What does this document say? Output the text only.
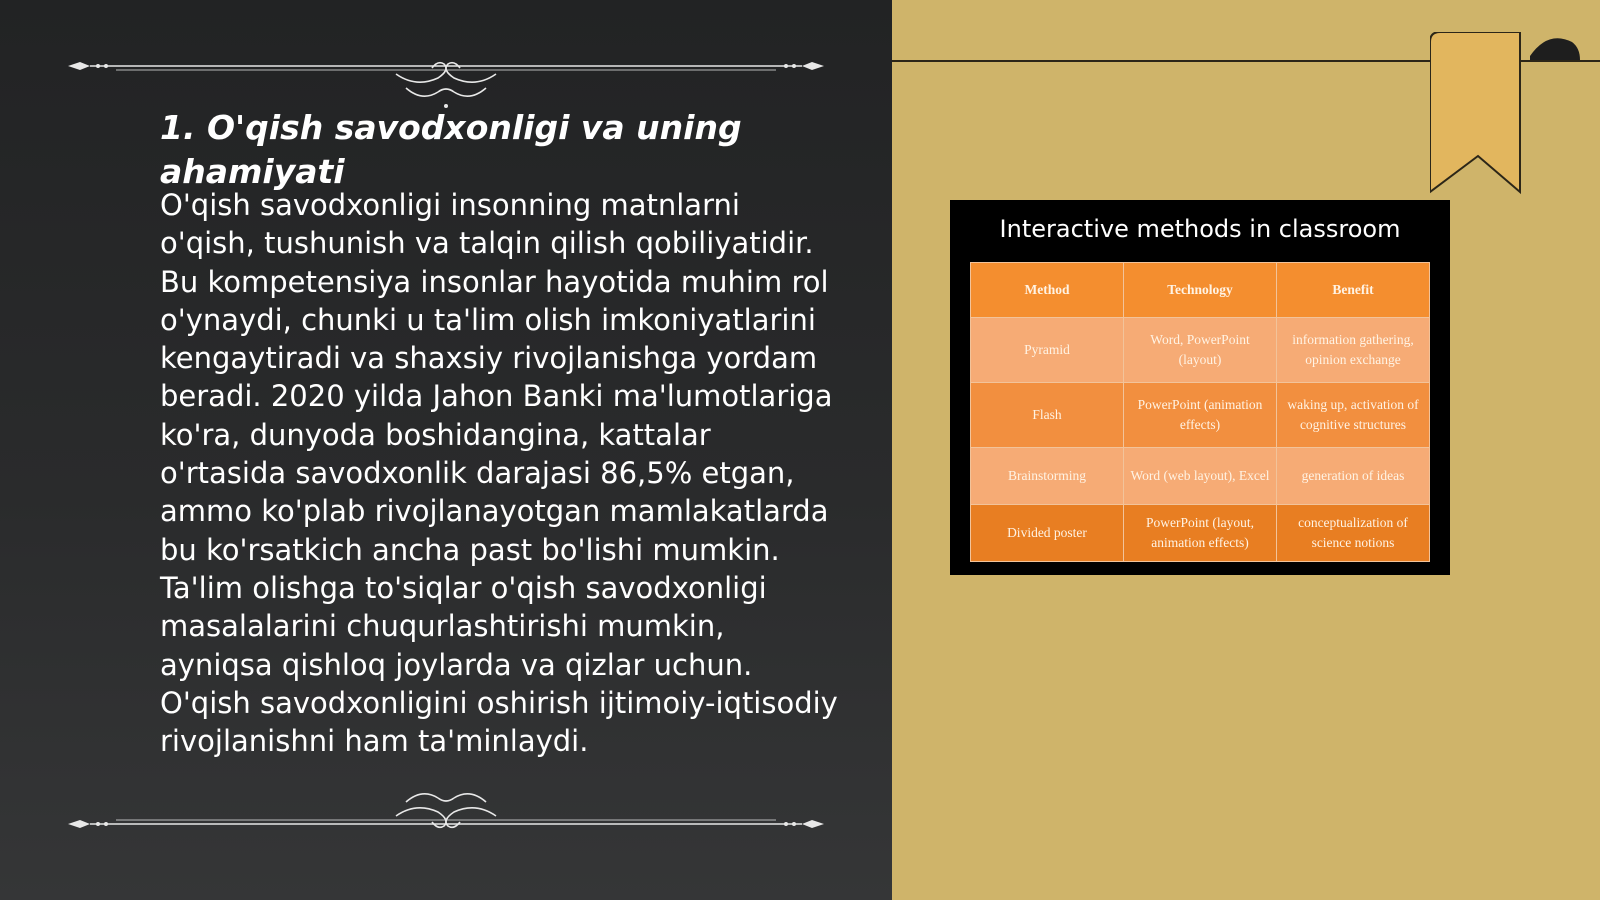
1. O'qish savodxonligi va uning ahamiyati

O'qish savodxonligi insonning matnlarni o'qish, tushunish va talqin qilish qobiliyatidir. Bu kompetensiya insonlar hayotida muhim rol o'ynaydi, chunki u ta'lim olish imkoniyatlarini kengaytiradi va shaxsiy rivojlanishga yordam beradi. 2020 yilda Jahon Banki ma'lumotlariga ko'ra, dunyoda boshidangina, kattalar o'rtasida savodxonlik darajasi 86,5% etgan, ammo ko'plab rivojlanayotgan mamlakatlarda bu ko'rsatkich ancha past bo'lishi mumkin. Ta'lim olishga to'siqlar o'qish savodxonligi masalalarini chuqurlashtirishi mumkin, ayniqsa qishloq joylarda va qizlar uchun. O'qish savodxonligini oshirish ijtimoiy-iqtisodiy rivojlanishni ham ta'minlaydi.

Interactive methods in classroom
Method	Technology	Benefit
Pyramid	Word, PowerPoint (layout)	information gathering, opinion exchange
Flash	PowerPoint (animation effects)	waking up, activation of cognitive structures
Brainstorming	Word (web layout), Excel	generation of ideas
Divided poster	PowerPoint (layout, animation effects)	conceptualization of science notions
